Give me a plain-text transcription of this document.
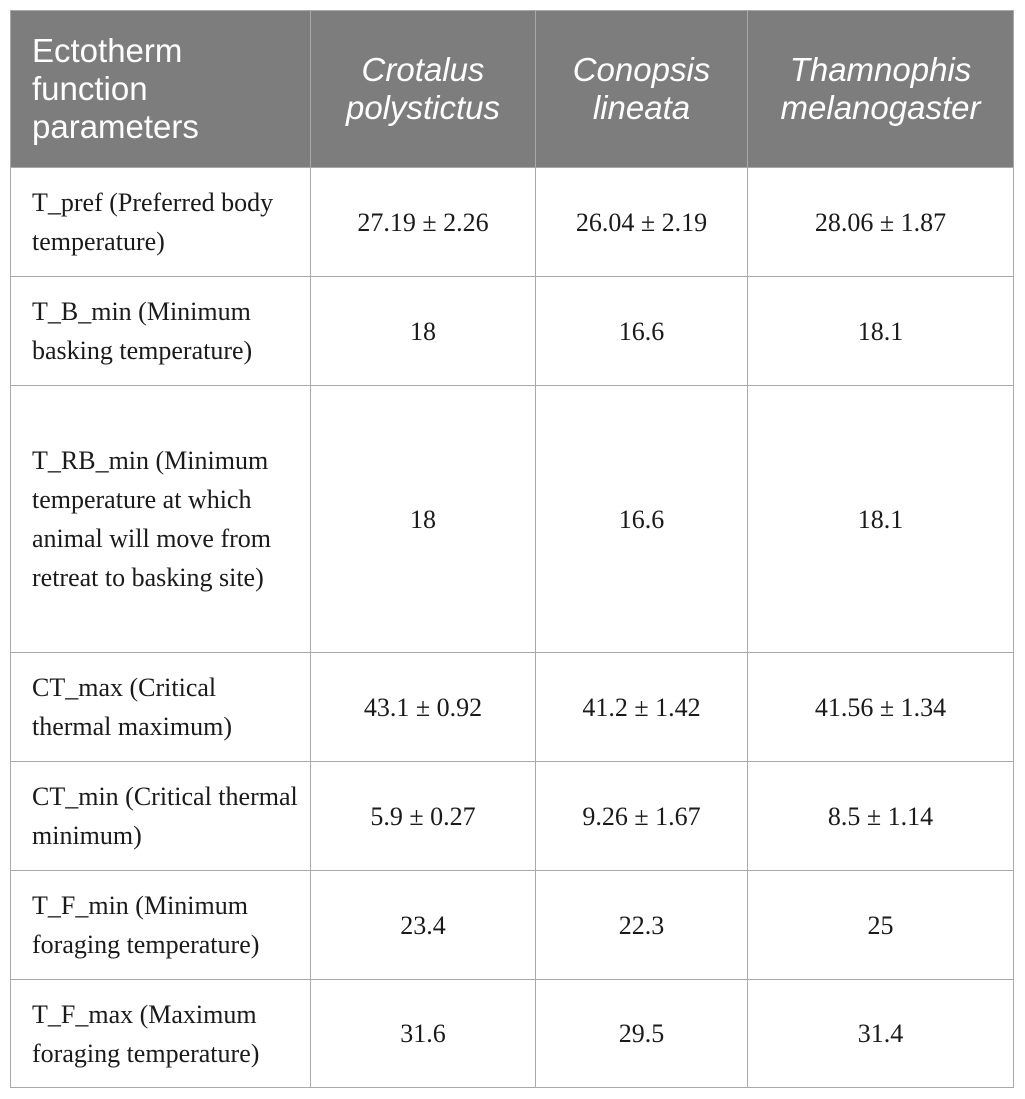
Ectotherm function parameters	Crotalus polystictus	Conopsis lineata	Thamnophis melanogaster
T_pref (Preferred body temperature)	27.19 ± 2.26	26.04 ± 2.19	28.06 ± 1.87
T_B_min (Minimum basking temperature)	18	16.6	18.1
T_RB_min (Minimum temperature at which animal will move from retreat to basking site)	18	16.6	18.1
CT_max (Critical thermal maximum)	43.1 ± 0.92	41.2 ± 1.42	41.56 ± 1.34
CT_min (Critical thermal minimum)	5.9 ± 0.27	9.26 ± 1.67	8.5 ± 1.14
T_F_min (Minimum foraging temperature)	23.4	22.3	25
T_F_max (Maximum foraging temperature)	31.6	29.5	31.4
